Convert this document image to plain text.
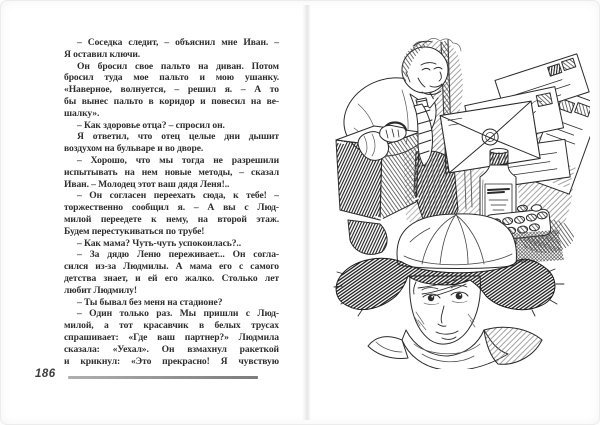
– Соседка следит, – объяснил мне Иван. –
Я оставил ключи.
Он бросил свое пальто на диван. Потом
бросил туда мое пальто и мою ушанку.
«Наверное, волнуется, – решил я. – А то
бы вынес пальто в коридор и повесил на ве-
шалку».
– Как здоровье отца? – спросил он.
Я ответил, что отец целые дни дышит
воздухом на бульваре и во дворе.
– Хорошо, что мы тогда не разрешили
испытывать на нем новые методы, – сказал
Иван. – Молодец этот ваш дядя Леня!..
– Он согласен переехать сюда, к тебе! –
торжественно сообщил я. – А вы с Люд-
милой переедете к нему, на второй этаж.
Будем перестукиваться по трубе!
– Как мама? Чуть-чуть успокоилась?..
– За дядю Леню переживает... Он согла-
сился из-за Людмилы. А мама его с самого
детства знает, и ей его жалко. Столько лет
любит Людмилу!
– Ты бывал без меня на стадионе?
– Один только раз. Мы пришли с Люд-
милой, а тот красавчик в белых трусах
спрашивает: «Где ваш партнер?» Людмила
сказала: «Уехал». Он взмахнул ракеткой
и крикнул: «Это прекрасно! Я чувствую
186
